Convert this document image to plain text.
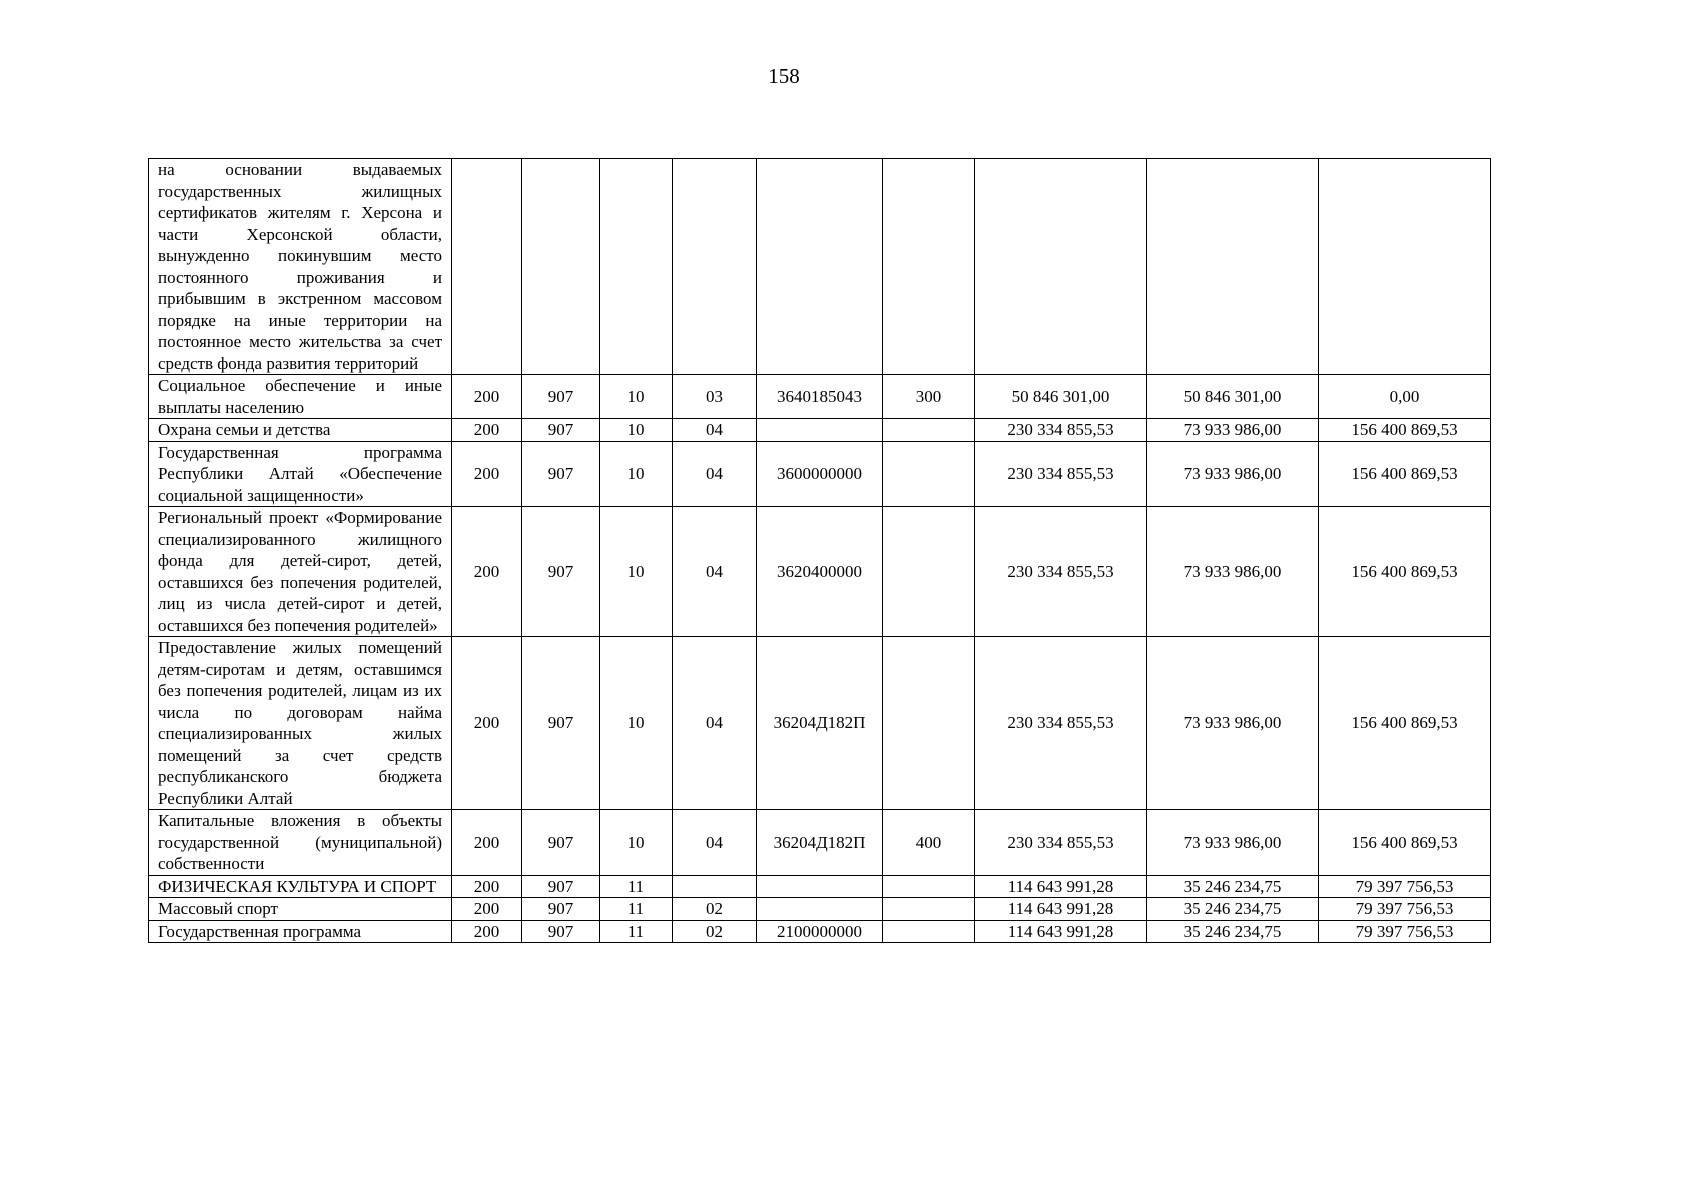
158
на основании выдаваемых государственных жилищных сертификатов жителям г. Херсона и части Херсонской области, вынужденно покинувшим место постоянного проживания и прибывшим в экстренном массовом порядке на иные территории на постоянное место жительства за счет средств фонда развития территорий									
Социальное обеспечение и иные выплаты населению	200	907	10	03	3640185043	300	50 846 301,00	50 846 301,00	0,00
Охрана семьи и детства	200	907	10	04			230 334 855,53	73 933 986,00	156 400 869,53
Государственная программа Республики Алтай «Обеспечение социальной защищенности»	200	907	10	04	3600000000		230 334 855,53	73 933 986,00	156 400 869,53
Региональный проект «Формирование специализированного жилищного фонда для детей-сирот, детей, оставшихся без попечения родителей, лиц из числа детей-сирот и детей, оставшихся без попечения родителей»	200	907	10	04	3620400000		230 334 855,53	73 933 986,00	156 400 869,53
Предоставление жилых помещений детям-сиротам и детям, оставшимся без попечения родителей, лицам из их числа по договорам найма специализированных жилых помещений за счет средств республиканского бюджета Республики Алтай	200	907	10	04	36204Д182П		230 334 855,53	73 933 986,00	156 400 869,53
Капитальные вложения в объекты государственной (муниципальной) собственности	200	907	10	04	36204Д182П	400	230 334 855,53	73 933 986,00	156 400 869,53
ФИЗИЧЕСКАЯ КУЛЬТУРА И СПОРТ	200	907	11				114 643 991,28	35 246 234,75	79 397 756,53
Массовый спорт	200	907	11	02			114 643 991,28	35 246 234,75	79 397 756,53
Государственная программа	200	907	11	02	2100000000		114 643 991,28	35 246 234,75	79 397 756,53
